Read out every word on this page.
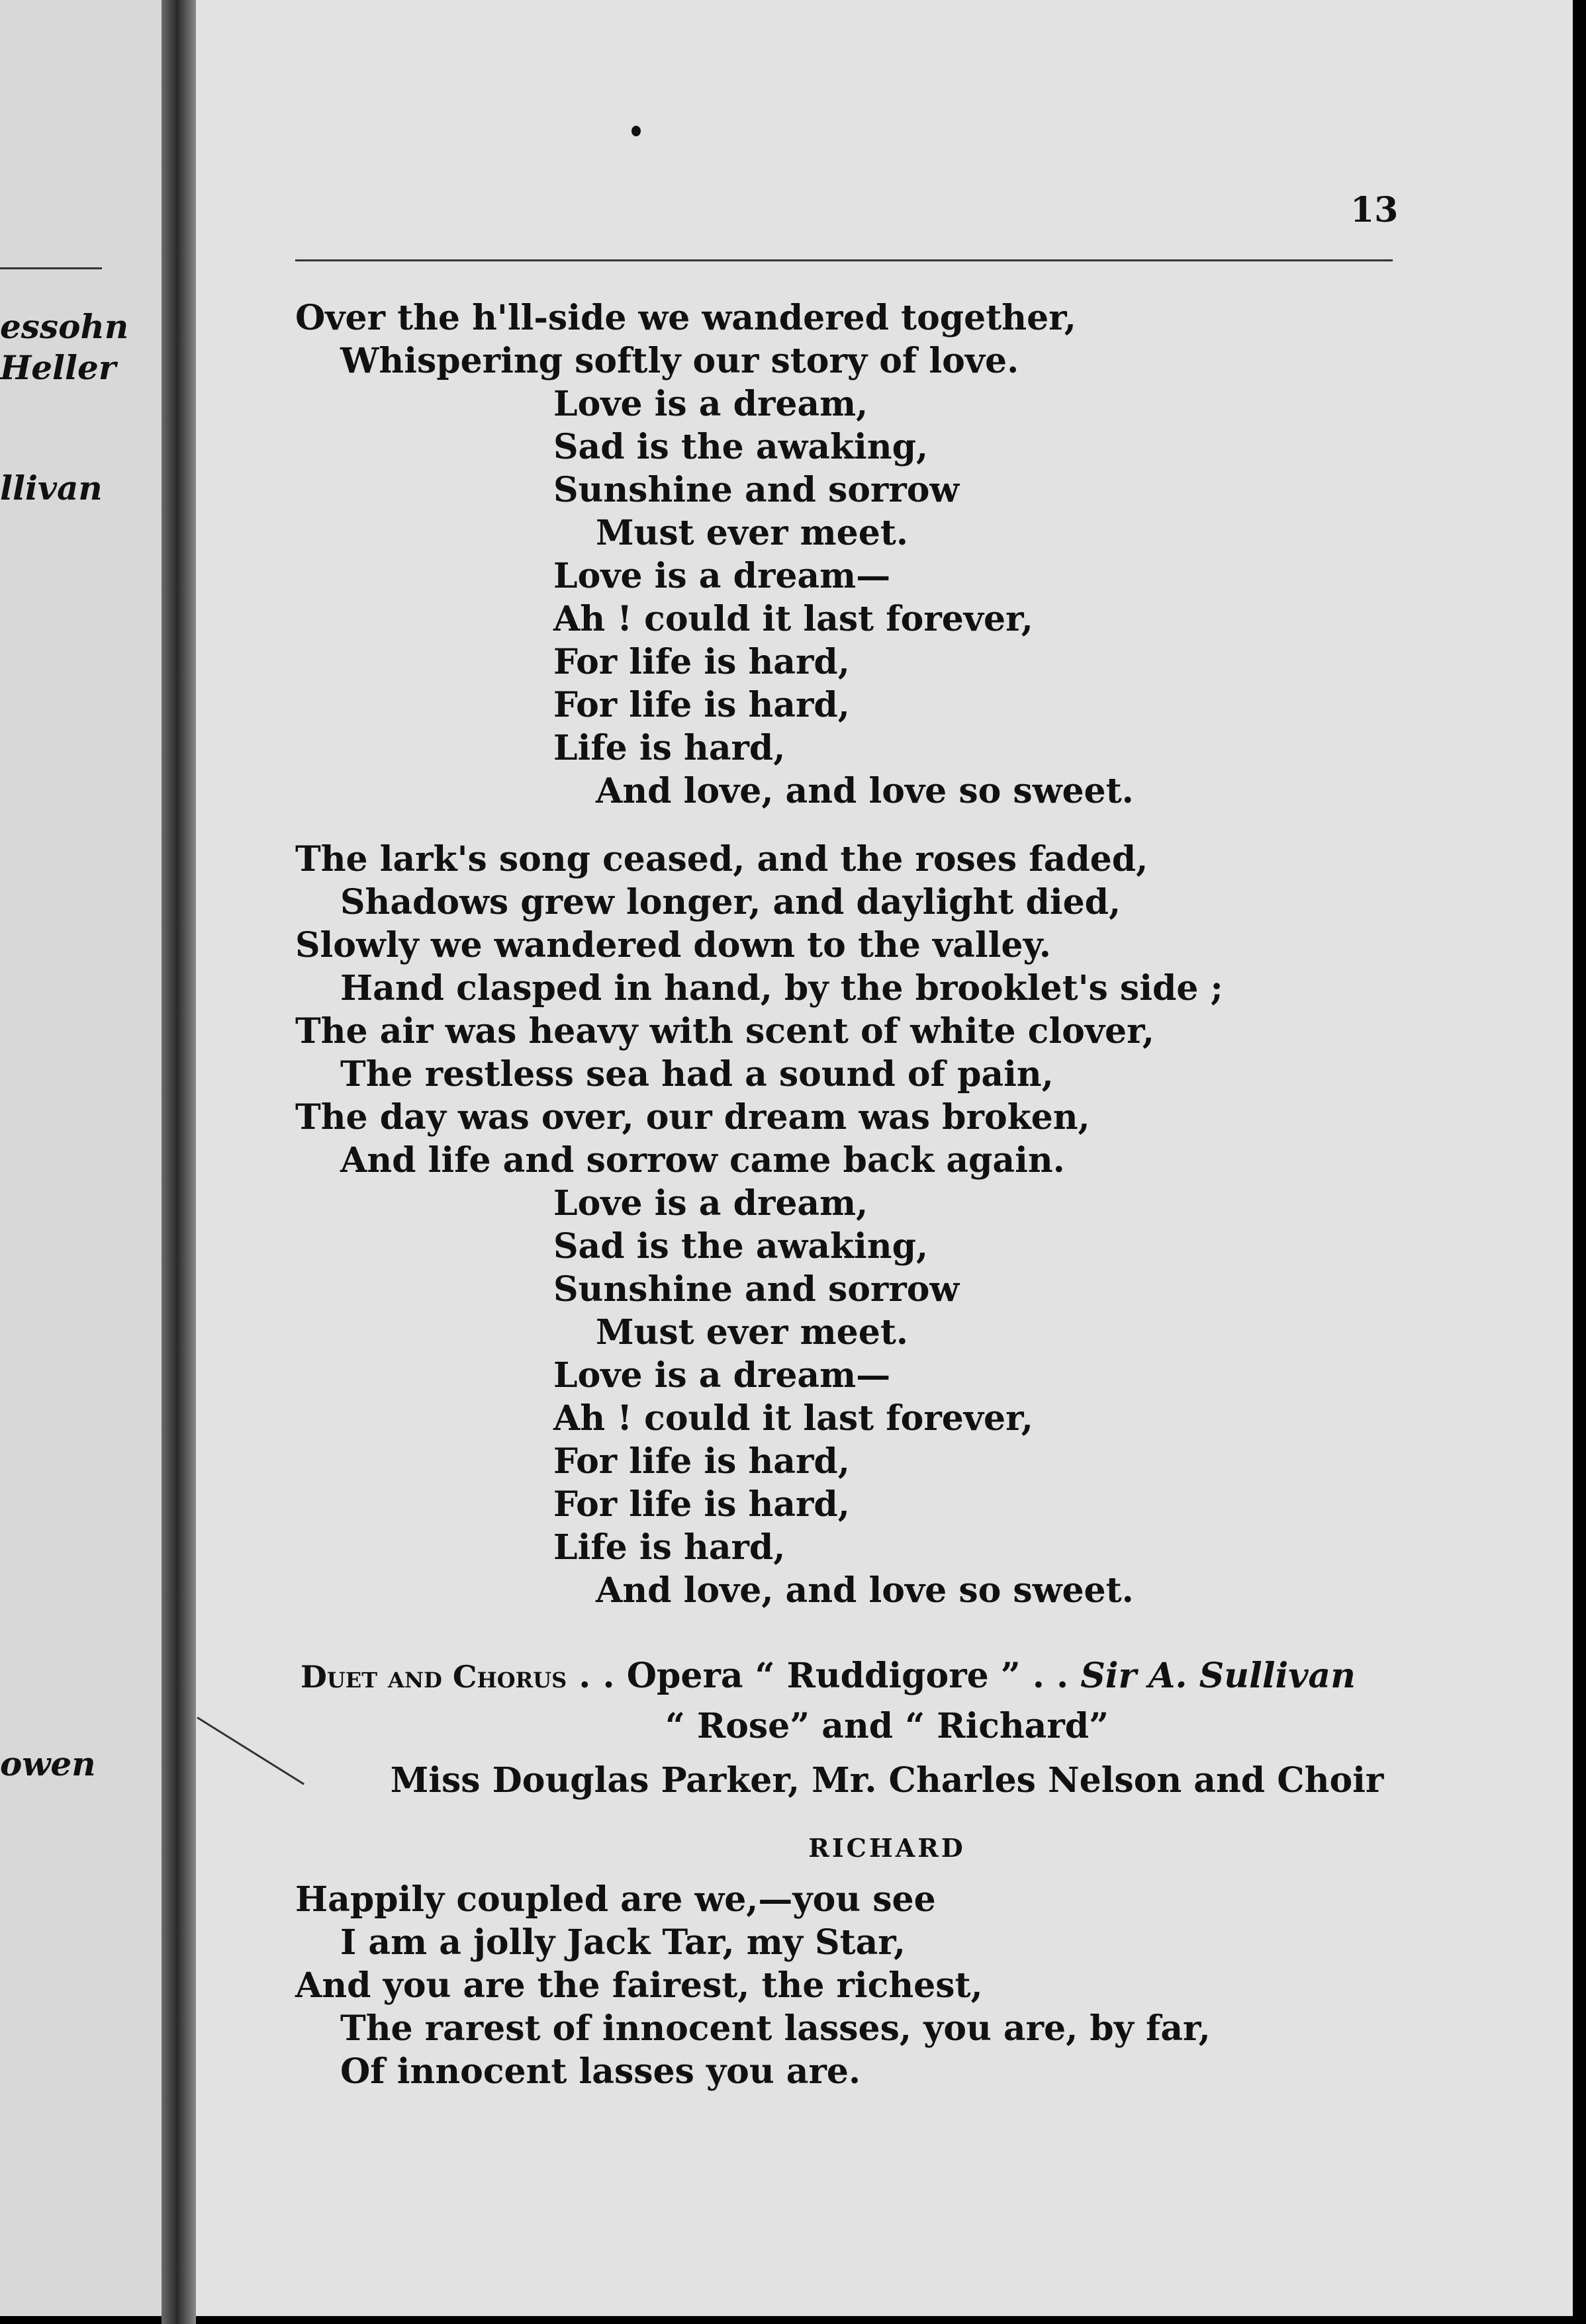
essohn
Heller
llivan
owen
13
Over the h'll-side we wandered together,
Whispering softly our story of love.
Love is a dream,
Sad is the awaking,
Sunshine and sorrow
Must ever meet.
Love is a dream—
Ah ! could it last forever,
For life is hard,
For life is hard,
Life is hard,
And love, and love so sweet.
The lark's song ceased, and the roses faded,
Shadows grew longer, and daylight died,
Slowly we wandered down to the valley.
Hand clasped in hand, by the brooklet's side ;
The air was heavy with scent of white clover,
The restless sea had a sound of pain,
The day was over, our dream was broken,
And life and sorrow came back again.
Love is a dream,
Sad is the awaking,
Sunshine and sorrow
Must ever meet.
Love is a dream—
Ah ! could it last forever,
For life is hard,
For life is hard,
Life is hard,
And love, and love so sweet.
Duet and Chorus . . Opera “ Ruddigore ” . . Sir A. Sullivan
“ Rose” and “ Richard”
Miss Douglas Parker, Mr. Charles Nelson and Choir
RICHARD
Happily coupled are we,—you see
I am a jolly Jack Tar, my Star,
And you are the fairest, the richest,
The rarest of innocent lasses, you are, by far,
Of innocent lasses you are.
